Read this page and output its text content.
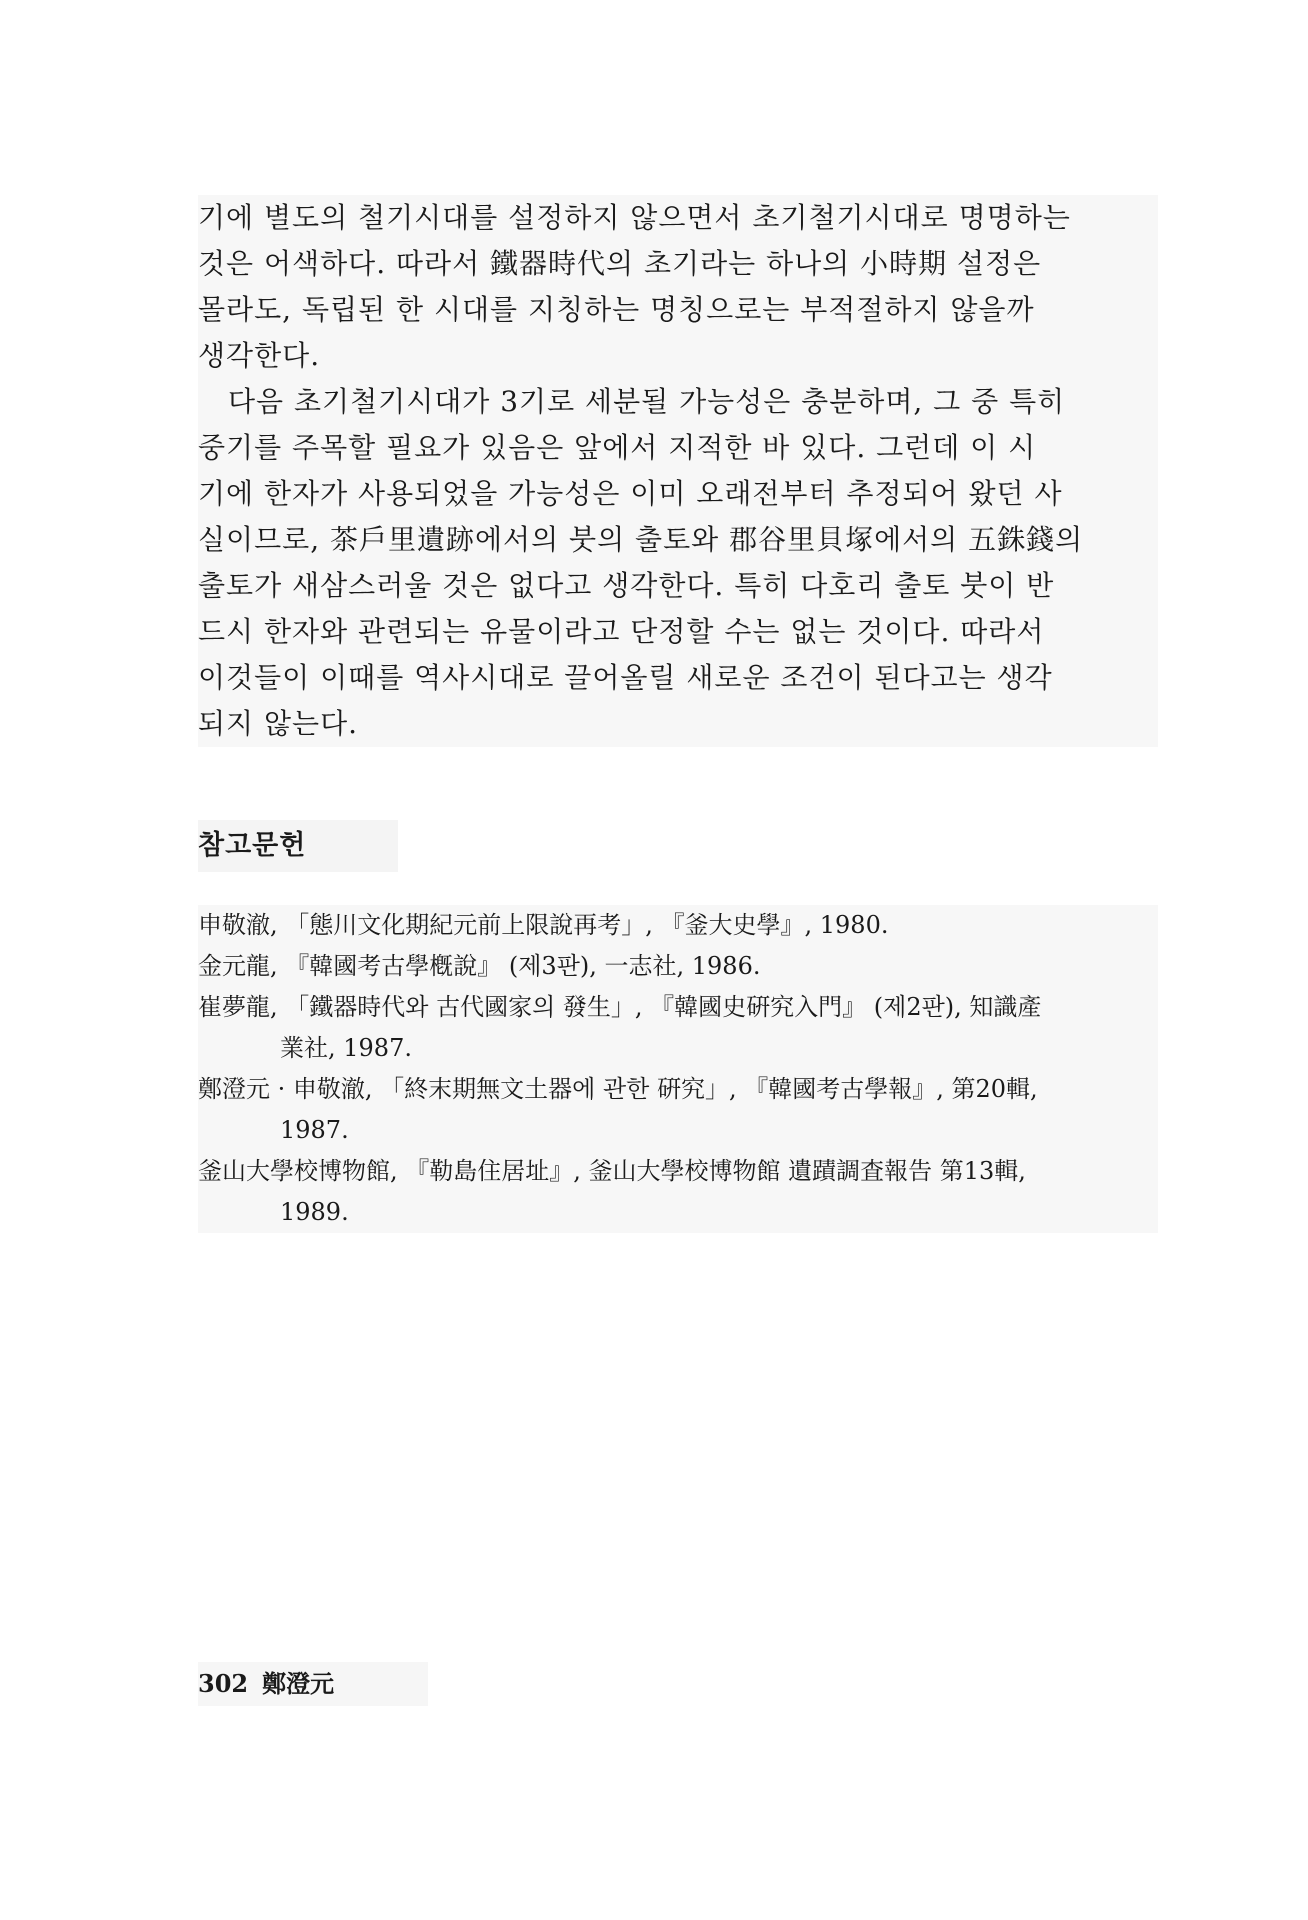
기에 별도의 철기시대를 설정하지 않으면서 초기철기시대로 명명하는
것은 어색하다. 따라서 鐵器時代의 초기라는 하나의 小時期 설정은
몰라도, 독립된 한 시대를 지칭하는 명칭으로는 부적절하지 않을까
생각한다.
다음 초기철기시대가 3기로 세분될 가능성은 충분하며, 그 중 특히
중기를 주목할 필요가 있음은 앞에서 지적한 바 있다. 그런데 이 시
기에 한자가 사용되었을 가능성은 이미 오래전부터 추정되어 왔던 사
실이므로, 茶戶里遺跡에서의 붓의 출토와 郡谷里貝塚에서의 五銖錢의
출토가 새삼스러울 것은 없다고 생각한다. 특히 다호리 출토 붓이 반
드시 한자와 관련되는 유물이라고 단정할 수는 없는 것이다. 따라서
이것들이 이때를 역사시대로 끌어올릴 새로운 조건이 된다고는 생각
되지 않는다.
참고문헌
申敬澈, 「態川文化期紀元前上限說再考」, 『釜大史學』, 1980.
金元龍, 『韓國考古學槪說』 (제3판), 一志社, 1986.
崔夢龍, 「鐵器時代와 古代國家의 發生」, 『韓國史硏究入門』 (제2판), 知識產
業社, 1987.
鄭澄元 · 申敬澈, 「終末期無文土器에 관한 硏究」, 『韓國考古學報』, 第20輯,
1987.
釜山大學校博物館, 『勒島住居址』, 釜山大學校博物館 遺蹟調査報告 第13輯,
1989.
302 鄭澄元
